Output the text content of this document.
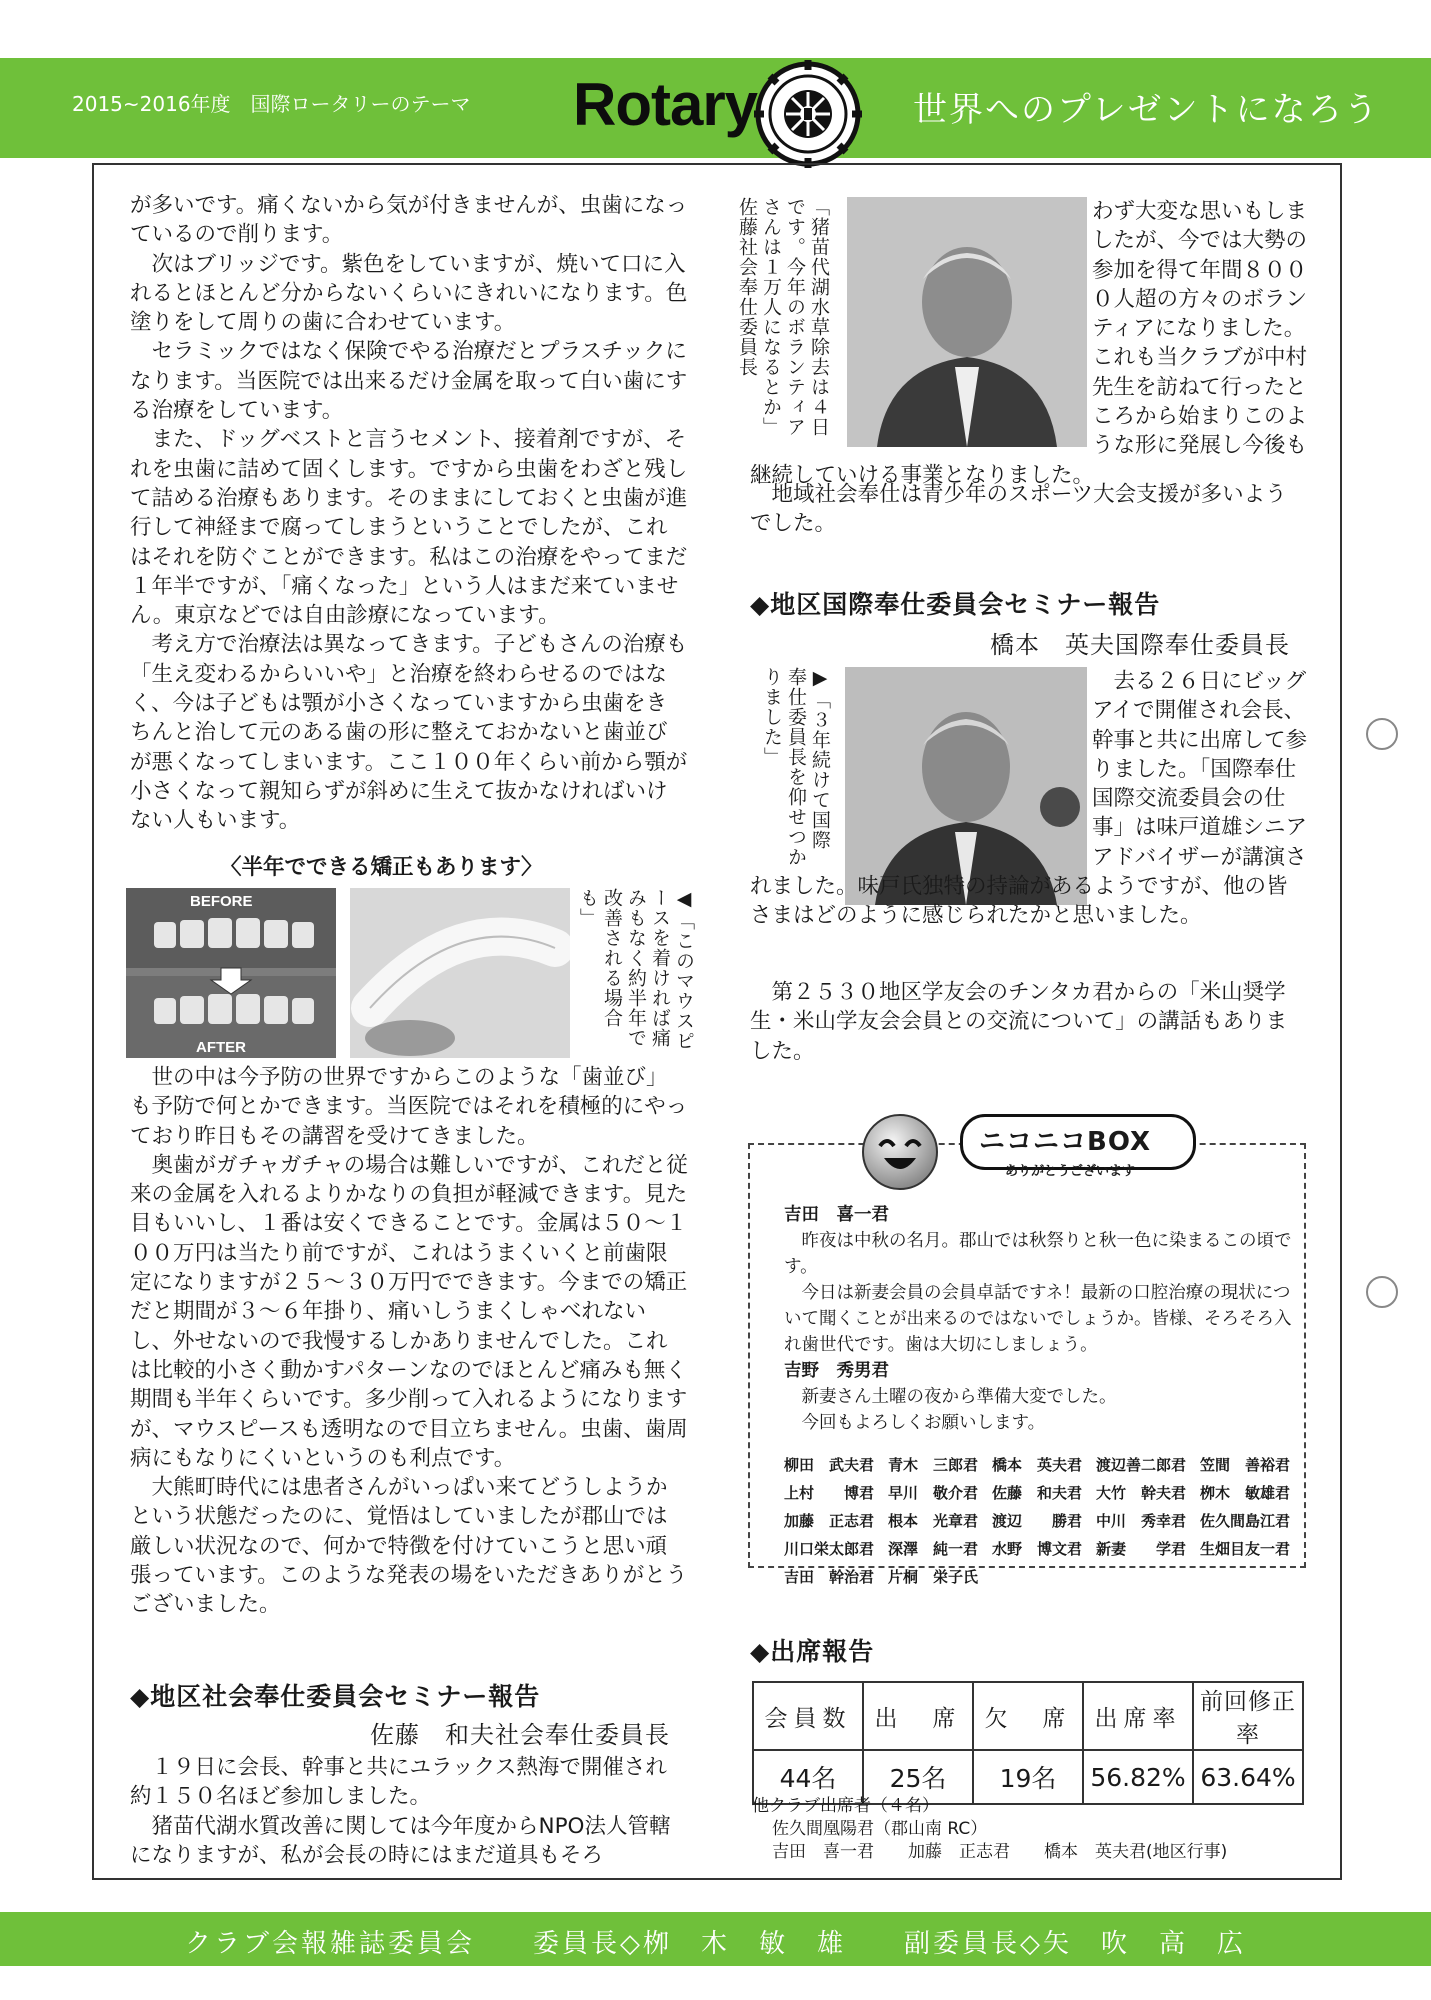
2015~2016年度　国際ロータリーのテーマ Rotary	世界へのプレゼントになろう

が多いです。痛くないから気が付きませんが、虫歯になっているので削ります。

次はブリッジです。紫色をしていますが、焼いて口に入れるとほとんど分からないくらいにきれいになります。色塗りをして周りの歯に合わせています。

セラミックではなく保険でやる治療だとプラスチックになります。当医院では出来るだけ金属を取って白い歯にする治療をしています。

また、ドッグベストと言うセメント、接着剤ですが、それを虫歯に詰めて固くします。ですから虫歯をわざと残して詰める治療もあります。そのままにしておくと虫歯が進行して神経まで腐ってしまうということでしたが、これはそれを防ぐことができます。私はこの治療をやってまだ１年半ですが、「痛くなった」という人はまだ来ていません。東京などでは自由診療になっています。

考え方で治療法は異なってきます。子どもさんの治療も「生え変わるからいいや」と治療を終わらせるのではなく、今は子どもは顎が小さくなっていますから虫歯をきちんと治して元のある歯の形に整えておかないと歯並びが悪くなってしまいます。ここ１００年くらい前から顎が小さくなって親知らずが斜めに生えて抜かなければいけない人もいます。

〈半年でできる矯正もあります〉
BEFORE
AFTER	◀「このマウスピースを着ければ痛みもなく約半年で改善される場合も」

世の中は今予防の世界ですからこのような「歯並び」も予防で何とかできます。当医院ではそれを積極的にやっており昨日もその講習を受けてきました。

奥歯がガチャガチャの場合は難しいですが、これだと従来の金属を入れるよりかなりの負担が軽減できます。見た目もいいし、１番は安くできることです。金属は５０～１００万円は当たり前ですが、これはうまくいくと前歯限定になりますが２５～３０万円でできます。今までの矯正だと期間が３～６年掛り、痛いしうまくしゃべれないし、外せないので我慢するしかありませんでした。これは比較的小さく動かすパターンなのでほとんど痛みも無く期間も半年くらいです。多少削って入れるようになりますが、マウスピースも透明なので目立ちません。虫歯、歯周病にもなりにくいというのも利点です。

大熊町時代には患者さんがいっぱい来てどうしようかという状態だったのに、覚悟はしていましたが郡山では厳しい状況なので、何かで特徴を付けていこうと思い頑張っています。このような発表の場をいただきありがとうございました。

◆地区社会奉仕委員会セミナー報告
佐藤　和夫社会奉仕委員長

１９日に会長、幹事と共にユラックス熱海で開催され約１５０名ほど参加しました。

猪苗代湖水質改善に関しては今年度からNPO法人管轄になりますが、私が会長の時にはまだ道具もそろ

「猪苗代湖水草除去は４日です。今年のボランティアさんは１万人になるとか」佐藤社会奉仕委員長	わず大変な思いもしましたが、今では大勢の参加を得て年間８０００人超の方々のボランティアになりました。これも当クラブが中村先生を訪ねて行ったところから始まりこのような形に発展し今後も継続していける事業となりました。
地域社会奉仕は青少年のスポーツ大会支援が多いようでした。
◆地区国際奉仕委員会セミナー報告
橋本　英夫国際奉仕委員長
▶「３年続けて国際奉仕委員長を仰せつかりました」	　去る２６日にビッグアイで開催され会長、幹事と共に出席して参りました。「国際奉仕国際交流委員会の仕事」は味戸道雄シニアアドバイザーが講演されました。味戸氏独特の持論があるようですが、他の皆さまはどのように感じられたかと思いました。
第２５３０地区学友会のチンタカ君からの「米山奨学生・米山学友会会員との交流について」の講話もありました。
ニコニコBOX
ありがとうございます
吉田　喜一君
昨夜は中秋の名月。郡山では秋祭りと秋一色に染まるこの頃です。
今日は新妻会員の会員卓話ですネ！最新の口腔治療の現状について聞くことが出来るのではないでしょうか。皆様、そろそろ入れ歯世代です。歯は大切にしましょう。
吉野　秀男君
新妻さん土曜の夜から準備大変でした。
今回もよろしくお願いします。
柳田　武夫君 青木　三郎君 橋本　英夫君 渡辺善二郎君 笠間　善裕君
上村　　博君 早川　敬介君 佐藤　和夫君 大竹　幹夫君 栁木　敏雄君
加藤　正志君 根本　光章君 渡辺　　勝君 中川　秀幸君 佐久間島江君
川口栄太郎君 深澤　純一君 水野　博文君 新妻　　学君 生畑目友一君
吉田　幹治君 片桐　栄子氏
◆出席報告
会員数	出　席	欠　席	出席率	前回修正率
44名	25名	19名	56.82%	63.64%
他クラブ出席者（４名）
佐久間凰陽君（郡山南 RC）
吉田　喜一君　　加藤　正志君　　橋本　英夫君(地区行事)
クラブ会報雑誌委員会　　委員長◇栁　木　敏　雄　　副委員長◇矢　吹　高　広
